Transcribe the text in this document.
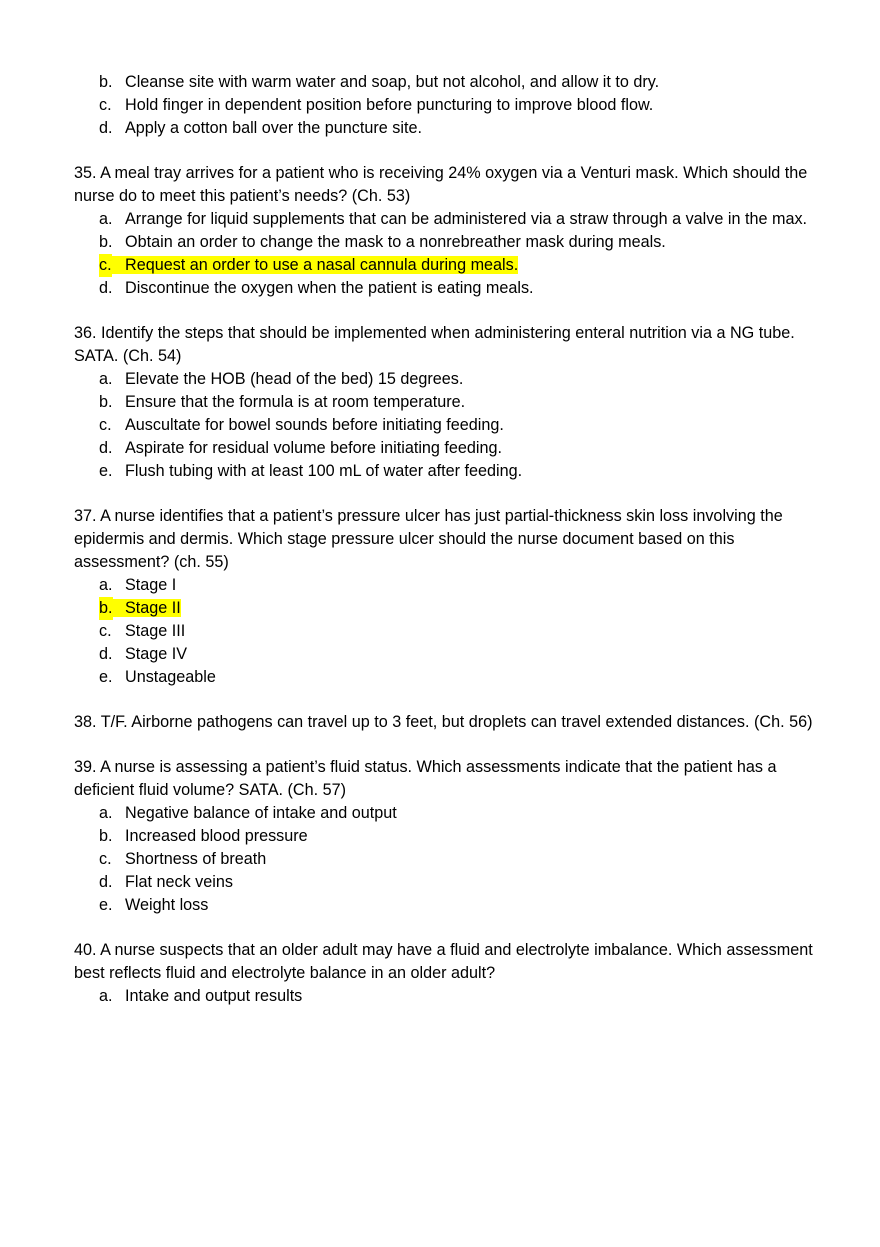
b. Cleanse site with warm water and soap, but not alcohol, and allow it to dry.
c. Hold finger in dependent position before puncturing to improve blood flow.
d. Apply a cotton ball over the puncture site.

35. A meal tray arrives for a patient who is receiving 24% oxygen via a Venturi mask. Which should the nurse do to meet this patient’s needs? (Ch. 53)

a. Arrange for liquid supplements that can be administered via a straw through a valve in the max.
b. Obtain an order to change the mask to a nonrebreather mask during meals.
c. Request an order to use a nasal cannula during meals.
d. Discontinue the oxygen when the patient is eating meals.

36. Identify the steps that should be implemented when administering enteral nutrition via a NG tube. SATA. (Ch. 54)

a. Elevate the HOB (head of the bed) 15 degrees.
b. Ensure that the formula is at room temperature.
c. Auscultate for bowel sounds before initiating feeding.
d. Aspirate for residual volume before initiating feeding.
e. Flush tubing with at least 100 mL of water after feeding.

37. A nurse identifies that a patient’s pressure ulcer has just partial-thickness skin loss involving the epidermis and dermis. Which stage pressure ulcer should the nurse document based on this assessment? (ch. 55)

a. Stage I
b. Stage II
c. Stage III
d. Stage IV
e. Unstageable

38. T/F. Airborne pathogens can travel up to 3 feet, but droplets can travel extended distances. (Ch. 56)

39. A nurse is assessing a patient’s fluid status. Which assessments indicate that the patient has a deficient fluid volume? SATA. (Ch. 57)

a. Negative balance of intake and output
b. Increased blood pressure
c. Shortness of breath
d. Flat neck veins
e. Weight loss

40. A nurse suspects that an older adult may have a fluid and electrolyte imbalance. Which assessment best reflects fluid and electrolyte balance in an older adult?

a. Intake and output results
